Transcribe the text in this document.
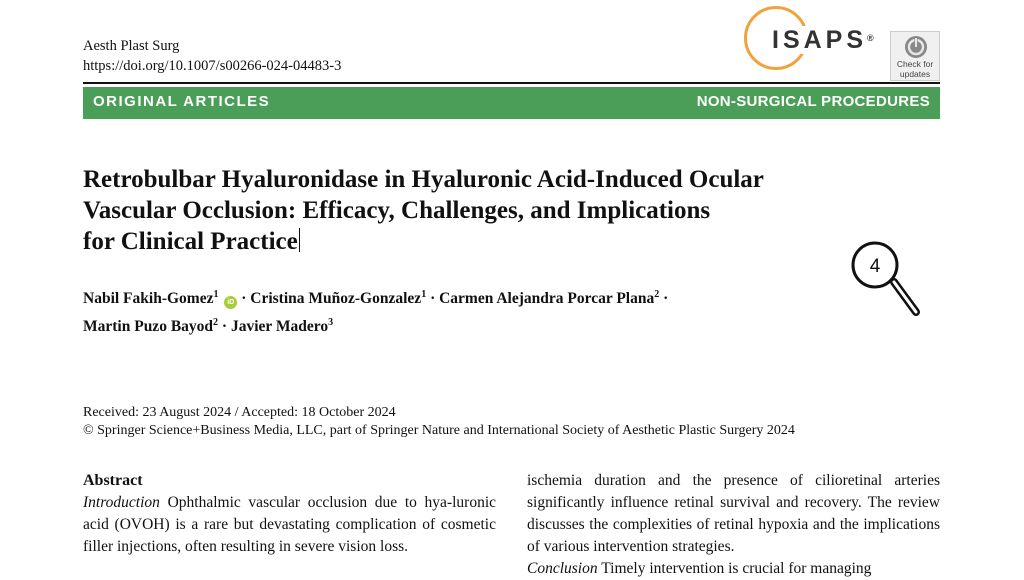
Aesth Plast Surg
https://doi.org/10.1007/s00266-024-04483-3
ISAPS®
Check for
updates
ORIGINAL ARTICLES	NON-SURGICAL PROCEDURES
Retrobulbar Hyaluronidase in Hyaluronic Acid-Induced Ocular
Vascular Occlusion: Efficacy, Challenges, and Implications
for Clinical Practice
4
Nabil Fakih-Gomez$^1$ iD · Cristina Muñoz-Gonzalez$^1$ · Carmen Alejandra Porcar Plana$^2$ ·
Martin Puzo Bayod$^2$ · Javier Madero$^3$
Received: 23 August 2024 / Accepted: 18 October 2024
© Springer Science+Business Media, LLC, part of Springer Nature and International Society of Aesthetic Plastic Surgery 2024
Abstract

Introduction Ophthalmic vascular occlusion due to hya-luronic acid (OVOH) is a rare but devastating complication of cosmetic filler injections, often resulting in severe vision loss.

ischemia duration and the presence of cilioretinal arteries significantly influence retinal survival and recovery. The review discusses the complexities of retinal hypoxia and the implications of various intervention strategies.

Conclusion Timely intervention is crucial for managing
